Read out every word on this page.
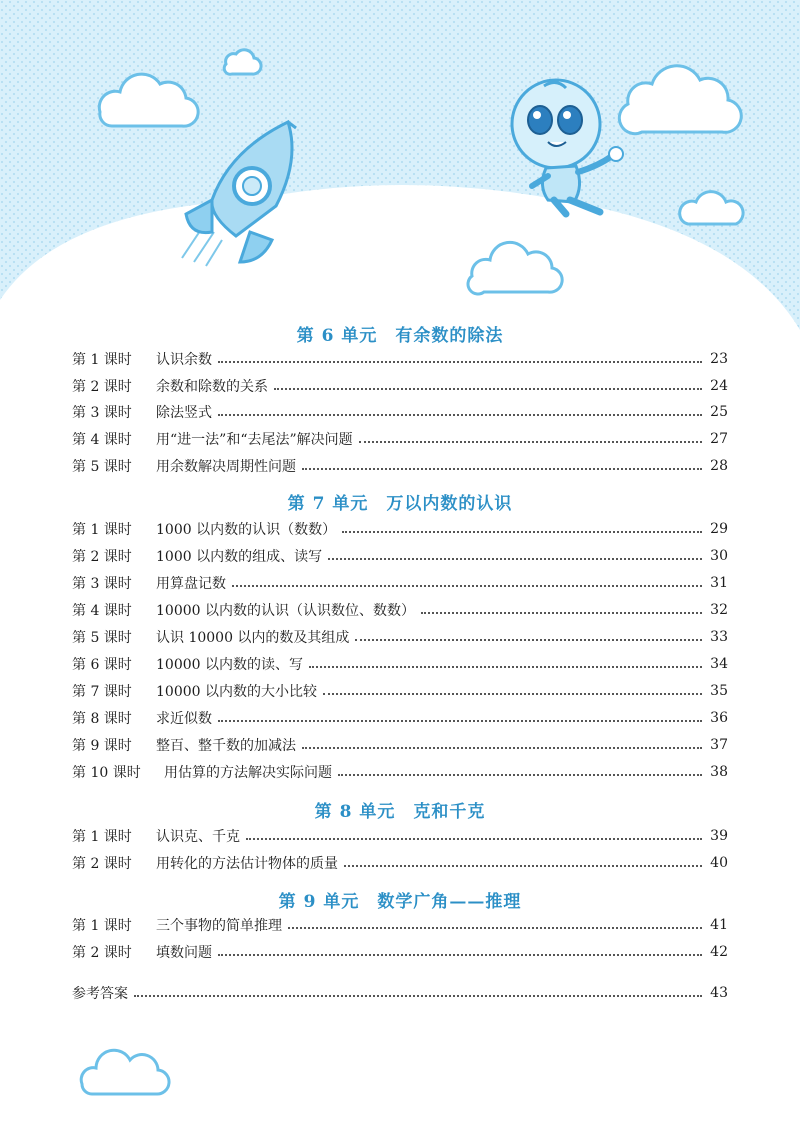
第 6 单元　有余数的除法
第 1 课时	认识余数	23
第 2 课时	余数和除数的关系	24
第 3 课时	除法竖式	25
第 4 课时	用“进一法”和“去尾法”解决问题	27
第 5 课时	用余数解决周期性问题	28
第 7 单元　万以内数的认识
第 1 课时	1000 以内数的认识（数数）	29
第 2 课时	1000 以内数的组成、读写	30
第 3 课时	用算盘记数	31
第 4 课时	10000 以内数的认识（认识数位、数数）	32
第 5 课时	认识 10000 以内的数及其组成	33
第 6 课时	10000 以内数的读、写	34
第 7 课时	10000 以内数的大小比较	35
第 8 课时	求近似数	36
第 9 课时	整百、整千数的加减法	37
第 10 课时	用估算的方法解决实际问题	38
第 8 单元　克和千克
第 1 课时	认识克、千克	39
第 2 课时	用转化的方法估计物体的质量	40
第 9 单元　数学广角——推理
第 1 课时	三个事物的简单推理	41
第 2 课时	填数问题	42
参考答案	43
